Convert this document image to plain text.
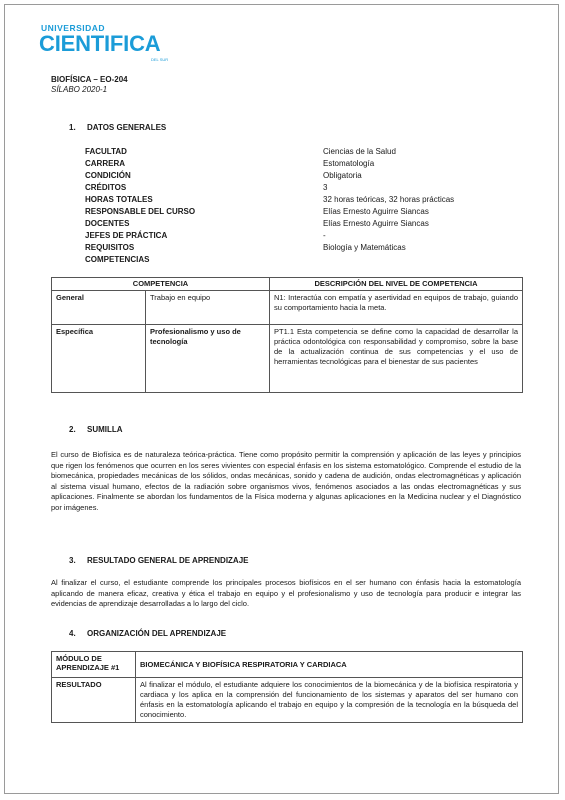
UNIVERSIDAD
CIENTIFICA
DEL SUR
BIOFÍSICA – EO-204
SÍLABO 2020-1
1. DATOS GENERALES
FACULTAD	Ciencias de la Salud
CARRERA	Estomatología
CONDICIÓN	Obligatoria
CRÉDITOS	3
HORAS TOTALES	32 horas teóricas, 32 horas prácticas
RESPONSABLE DEL CURSO	Elías Ernesto Aguirre Siancas
DOCENTES	Elías Ernesto Aguirre Siancas
JEFES DE PRÁCTICA	-
REQUISITOS	Biología y Matemáticas
COMPETENCIAS
COMPETENCIA		DESCRIPCIÓN DEL NIVEL DE COMPETENCIA
General	Trabajo en equipo	N1: Interactúa con empatía y asertividad en equipos de trabajo, guiando su comportamiento hacia la meta.
Específica	Profesionalismo y uso de tecnología	PT1.1 Esta competencia se define como la capacidad de desarrollar la práctica odontológica con responsabilidad y compromiso, sobre la base de la actualización continua de sus competencias y el uso de herramientas tecnológicas para el bienestar de sus pacientes
2. SUMILLA
El curso de Biofísica es de naturaleza teórica-práctica. Tiene como propósito permitir la comprensión y aplicación de las leyes y principios que rigen los fenómenos que ocurren en los seres vivientes con especial énfasis en los sistema estomatológico. Comprende el estudio de la biomecánica, propiedades mecánicas de los sólidos, ondas mecánicas, sonido y cadena de audición, ondas electromagnéticas y aplicación al sistema visual humano, efectos de la radiación sobre organismos vivos, fenómenos asociados a las ondas electromagnéticas y sus aplicaciones. Finalmente se abordan los fundamentos de la Física moderna y algunas aplicaciones en la Medicina nuclear y el Diagnóstico por imágenes.
3. RESULTADO GENERAL DE APRENDIZAJE
Al finalizar el curso, el estudiante comprende los principales procesos biofísicos en el ser humano con énfasis hacia la estomatología aplicando de manera eficaz, creativa y ética el trabajo en equipo y el profesionalismo y uso de tecnología para producir e integrar las evidencias de aprendizaje desarrolladas a lo largo del ciclo.
4. ORGANIZACIÓN DEL APRENDIZAJE
MÓDULO DE APRENDIZAJE #1	BIOMECÁNICA Y BIOFÍSICA RESPIRATORIA Y CARDIACA
RESULTADO	Al finalizar el módulo, el estudiante adquiere los conocimientos de la biomecánica y de la biofísica respiratoria y cardiaca y los aplica en la comprensión del funcionamiento de los sistemas y aparatos del ser humano con énfasis en la estomatología aplicando el trabajo en equipo y la compresión de la tecnología en la búsqueda del conocimiento.
